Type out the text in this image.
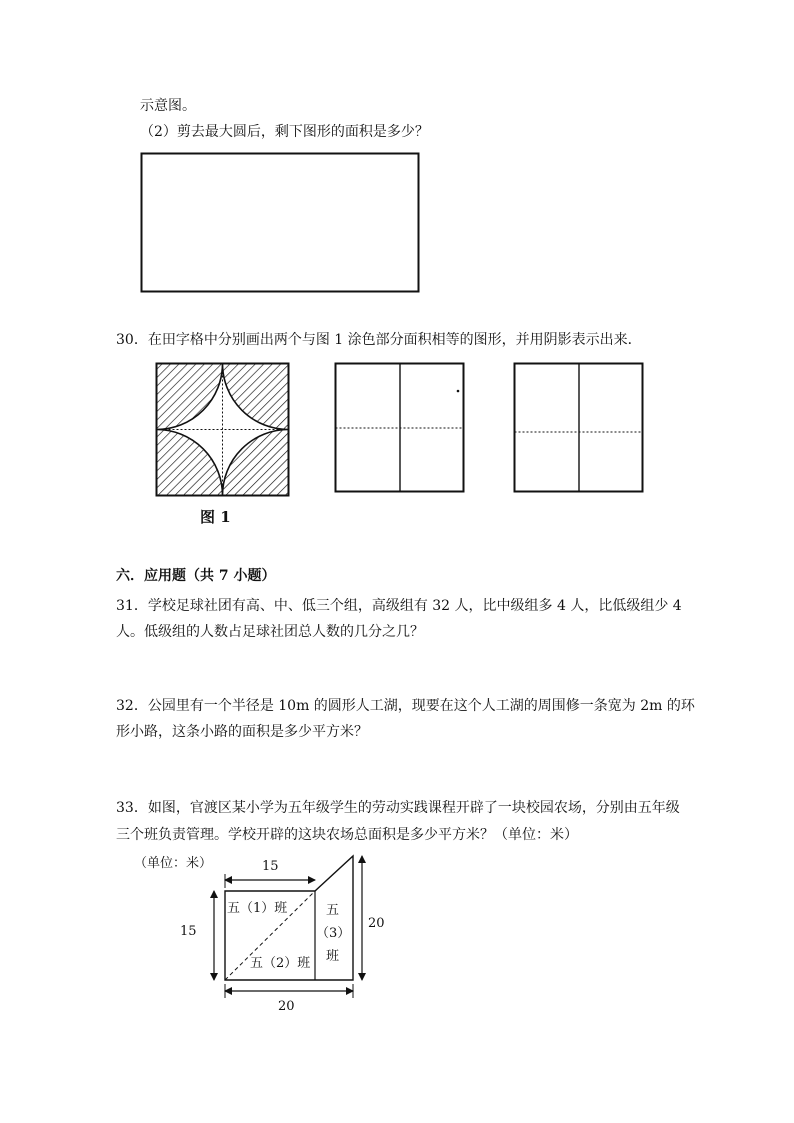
示意图。
（2）剪去最大圆后，剩下图形的面积是多少？
30．在田字格中分别画出两个与图 1 涂色部分面积相等的图形，并用阴影表示出来．
图 1
六．应用题（共 7 小题）
31．学校足球社团有高、中、低三个组，高级组有 32 人，比中级组多 4 人，比低级组少 4
人。低级组的人数占足球社团总人数的几分之几？
32．公园里有一个半径是 10m 的圆形人工湖，现要在这个人工湖的周围修一条宽为 2m 的环
形小路，这条小路的面积是多少平方米？
33．如图，官渡区某小学为五年级学生的劳动实践课程开辟了一块校园农场，分别由五年级
三个班负责管理。学校开辟的这块农场总面积是多少平方米？（单位：米）
（单位：米）	15
15
20
20
五（1）班
五（2）班
五
（3）
班
